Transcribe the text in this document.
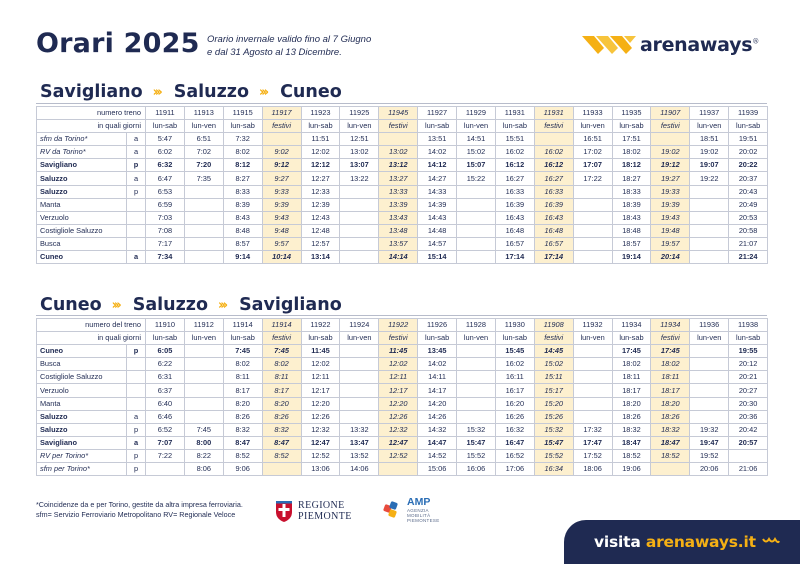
Orari 2025 Orario invernale valido fino al 7 Giugno
e dal 31 Agosto al 13 Dicembre.	arenaways®
Savigliano ››› Saluzzo ››› Cuneo
numero treno		11911	11913	11915	11917	11923	11925	11945	11927	11929	11931	11931	11933	11935	11907	11937	11939
in quali giorni		lun-sab	lun-ven	lun-sab	festivi	lun-sab	lun-ven	festivi	lun-sab	lun-ven	lun-sab	festivi	lun-ven	lun-sab	festivi	lun-ven	lun-sab
sfm da Torino*	a	5:47	6:51	7:32		11:51	12:51		13:51	14:51	15:51		16:51	17:51		18:51	19:51
RV da Torino*	a	6:02	7:02	8:02	9:02	12:02	13:02	13:02	14:02	15:02	16:02	16:02	17:02	18:02	19:02	19:02	20:02
Savigliano	p	6:32	7:20	8:12	9:12	12:12	13:07	13:12	14:12	15:07	16:12	16:12	17:07	18:12	19:12	19:07	20:22
Saluzzo	a	6:47	7:35	8:27	9:27	12:27	13:22	13:27	14:27	15:22	16:27	16:27	17:22	18:27	19:27	19:22	20:37
Saluzzo	p	6:53		8:33	9:33	12:33		13:33	14:33		16:33	16:33		18:33	19:33		20:43
Manta		6:59		8:39	9:39	12:39		13:39	14:39		16:39	16:39		18:39	19:39		20:49
Verzuolo		7:03		8:43	9:43	12:43		13:43	14:43		16:43	16:43		18:43	19:43		20:53
Costigliole Saluzzo		7:08		8:48	9:48	12:48		13:48	14:48		16:48	16:48		18:48	19:48		20:58
Busca		7:17		8:57	9:57	12:57		13:57	14:57		16:57	16:57		18:57	19:57		21:07
Cuneo	a	7:34		9:14	10:14	13:14		14:14	15:14		17:14	17:14		19:14	20:14		21:24
Cuneo ››› Saluzzo ››› Savigliano
numero del treno		11910	11912	11914	11914	11922	11924	11922	11926	11928	11930	11908	11932	11934	11934	11936	11938
in quali giorni		lun-sab	lun-ven	lun-sab	festivi	lun-sab	lun-ven	festivi	lun-sab	lun-ven	lun-sab	festivi	lun-ven	lun-sab	festivi	lun-ven	lun-sab
Cuneo	p	6:05		7:45	7:45	11:45		11:45	13:45		15:45	14:45		17:45	17:45		19:55
Busca		6:22		8:02	8:02	12:02		12:02	14:02		16:02	15:02		18:02	18:02		20:12
Costigliole Saluzzo		6:31		8:11	8:11	12:11		12:11	14:11		16:11	15:11		18:11	18:11		20:21
Verzuolo		6:37		8:17	8:17	12:17		12:17	14:17		16:17	15:17		18:17	18:17		20:27
Manta		6:40		8:20	8:20	12:20		12:20	14:20		16:20	15:20		18:20	18:20		20:30
Saluzzo	a	6:46		8:26	8:26	12:26		12:26	14:26		16:26	15:26		18:26	18:26		20:36
Saluzzo	p	6:52	7:45	8:32	8:32	12:32	13:32	12:32	14:32	15:32	16:32	15:32	17:32	18:32	18:32	19:32	20:42
Savigliano	a	7:07	8:00	8:47	8:47	12:47	13:47	12:47	14:47	15:47	16:47	15:47	17:47	18:47	18:47	19:47	20:57
RV per Torino*	p	7:22	8:22	8:52	8:52	12:52	13:52	12:52	14:52	15:52	16:52	15:52	17:52	18:52	18:52	19:52	
sfm per Torino*	p		8:06	9:06		13:06	14:06		15:06	16:06	17:06	16:34	18:06	19:06		20:06	21:06
*Coincidenze da e per Torino, gestite da altra impresa ferroviaria.
sfm= Servizio Ferroviario Metropolitano RV= Regionale Veloce
REGIONE
PIEMONTE
AMP
AGENZIA
MOBILITÀ
PIEMONTESE
visita arenaways.it
